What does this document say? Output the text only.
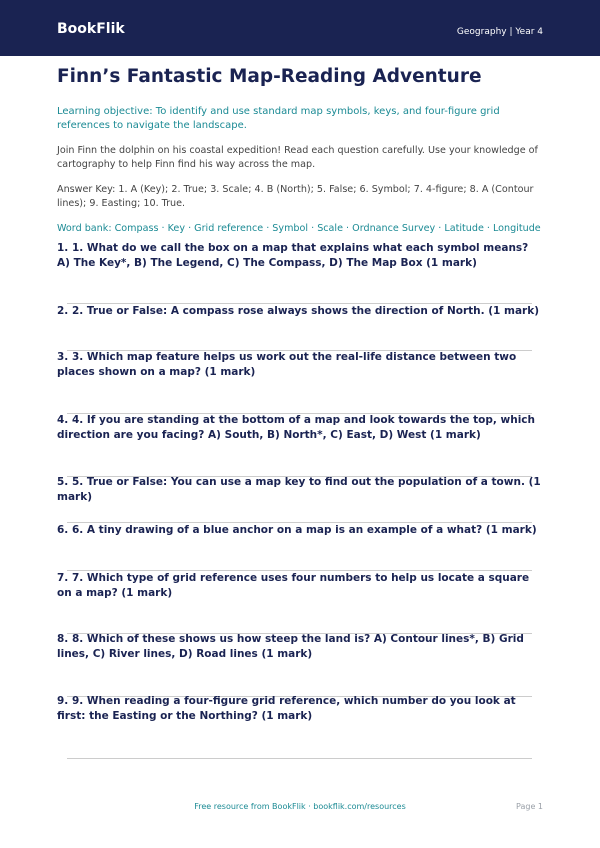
BookFlik	Geography | Year 4
Finn’s Fantastic Map-Reading Adventure

Learning objective: To identify and use standard map symbols, keys, and four-figure grid references to navigate the landscape.

Join Finn the dolphin on his coastal expedition! Read each question carefully. Use your knowledge of cartography to help Finn find his way across the map.

Answer Key: 1. A (Key); 2. True; 3. Scale; 4. B (North); 5. False; 6. Symbol; 7. 4-figure; 8. A (Contour lines); 9. Easting; 10. True.

Word bank: Compass · Key · Grid reference · Symbol · Scale · Ordnance Survey · Latitude · Longitude

1. 1. What do we call the box on a map that explains what each symbol means? A) The Key*, B) The Legend, C) The Compass, D) The Map Box (1 mark)
2. 2. True or False: A compass rose always shows the direction of North. (1 mark)
3. 3. Which map feature helps us work out the real-life distance between two places shown on a map? (1 mark)
4. 4. If you are standing at the bottom of a map and look towards the top, which direction are you facing? A) South, B) North*, C) East, D) West (1 mark)
5. 5. True or False: You can use a map key to find out the population of a town. (1 mark)
6. 6. A tiny drawing of a blue anchor on a map is an example of a what? (1 mark)
7. 7. Which type of grid reference uses four numbers to help us locate a square on a map? (1 mark)
8. 8. Which of these shows us how steep the land is? A) Contour lines*, B) Grid lines, C) River lines, D) Road lines (1 mark)
9. 9. When reading a four-figure grid reference, which number do you look at first: the Easting or the Northing? (1 mark)
Free resource from BookFlik · bookflik.com/resources	Page 1
